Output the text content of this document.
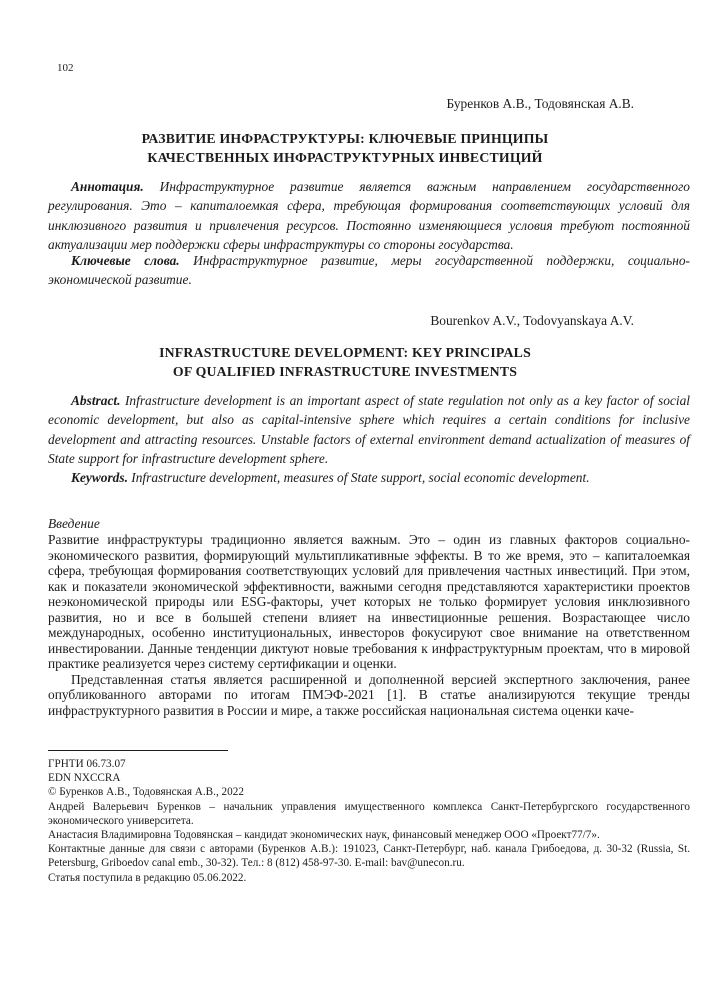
102
Буренков А.В., Тодовянская А.В.
РАЗВИТИЕ ИНФРАСТРУКТУРЫ: КЛЮЧЕВЫЕ ПРИНЦИПЫ
КАЧЕСТВЕННЫХ ИНФРАСТРУКТУРНЫХ ИНВЕСТИЦИЙ

Аннотация. Инфраструктурное развитие является важным направлением государственного регулирования. Это – капиталоемкая сфера, требующая формирования соответствующих условий для инклюзивного развития и привлечения ресурсов. Постоянно изменяющиеся условия требуют постоянной актуализации мер поддержки сферы инфраструктуры со стороны государства.

Ключевые слова. Инфраструктурное развитие, меры государственной поддержки, социально-экономической развитие.

Bourenkov A.V., Todovyanskaya A.V.
INFRASTRUCTURE DEVELOPMENT: KEY PRINCIPALS
OF QUALIFIED INFRASTRUCTURE INVESTMENTS

Abstract. Infrastructure development is an important aspect of state regulation not only as a key factor of social economic development, but also as capital-intensive sphere which requires a certain conditions for inclusive development and attracting resources. Unstable factors of external environment demand actualization of measures of State support for infrastructure development sphere.

Keywords. Infrastructure development, measures of State support, social economic development.

Введение

Развитие инфраструктуры традиционно является важным. Это – один из главных факторов социально-экономического развития, формирующий мультипликативные эффекты. В то же время, это – капиталоемкая сфера, требующая формирования соответствующих условий для привлечения частных инвестиций. При этом, как и показатели экономической эффективности, важными сегодня представляются характеристики проектов неэкономической природы или ESG-факторы, учет которых не только формирует условия инклюзивного развития, но и все в большей степени влияет на инвестиционные решения. Возрастающее число международных, особенно институциональных, инвесторов фокусируют свое внимание на ответственном инвестировании. Данные тенденции диктуют новые требования к инфраструктурным проектам, что в мировой практике реализуется через систему сертификации и оценки.

Представленная статья является расширенной и дополненной версией экспертного заключения, ранее опубликованного авторами по итогам ПМЭФ-2021 [1]. В статье анализируются текущие тренды инфраструктурного развития в России и мире, а также российская национальная система оценки каче-

ГРНТИ 06.73.07

EDN NXCCRA

© Буренков А.В., Тодовянская А.В., 2022

Андрей Валерьевич Буренков – начальник управления имущественного комплекса Санкт-Петербургского государственного экономического университета.

Анастасия Владимировна Тодовянская – кандидат экономических наук, финансовый менеджер ООО «Проект77/7».

Контактные данные для связи с авторами (Буренков А.В.): 191023, Санкт-Петербург, наб. канала Грибоедова, д. 30-32 (Russia, St. Petersburg, Griboedov canal emb., 30-32). Тел.: 8 (812) 458-97-30. E-mail: bav@unecon.ru.

Статья поступила в редакцию 05.06.2022.
